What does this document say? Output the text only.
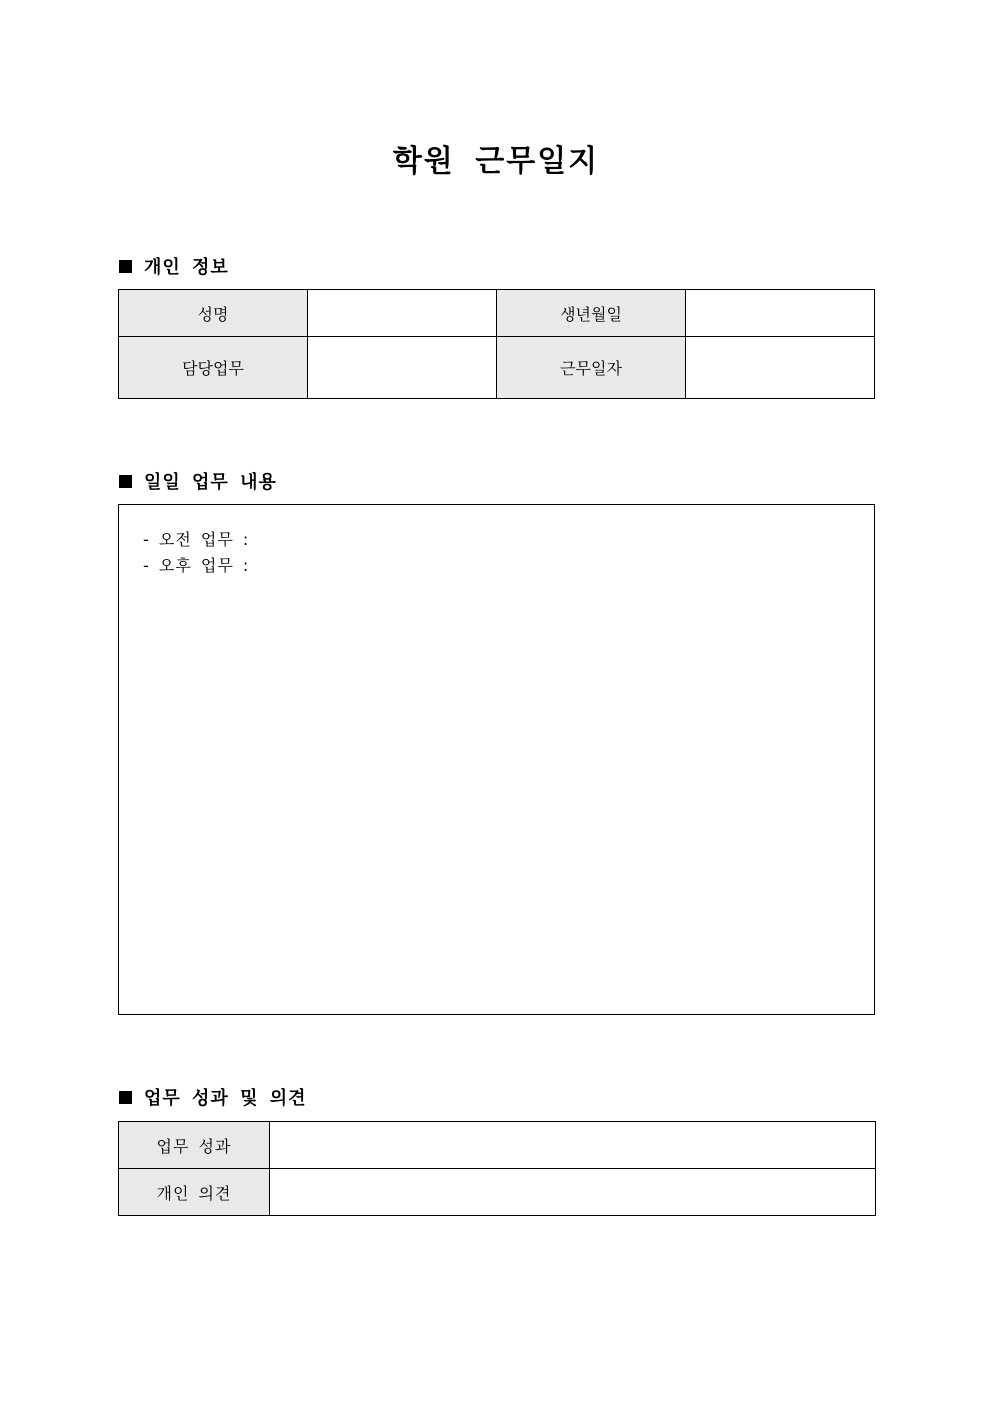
학원 근무일지
개인 정보
성명		생년월일	
담당업무		근무일자	
일일 업무 내용
- 오전 업무 :
- 오후 업무 :
업무 성과 및 의견
업무 성과	
개인 의견	
